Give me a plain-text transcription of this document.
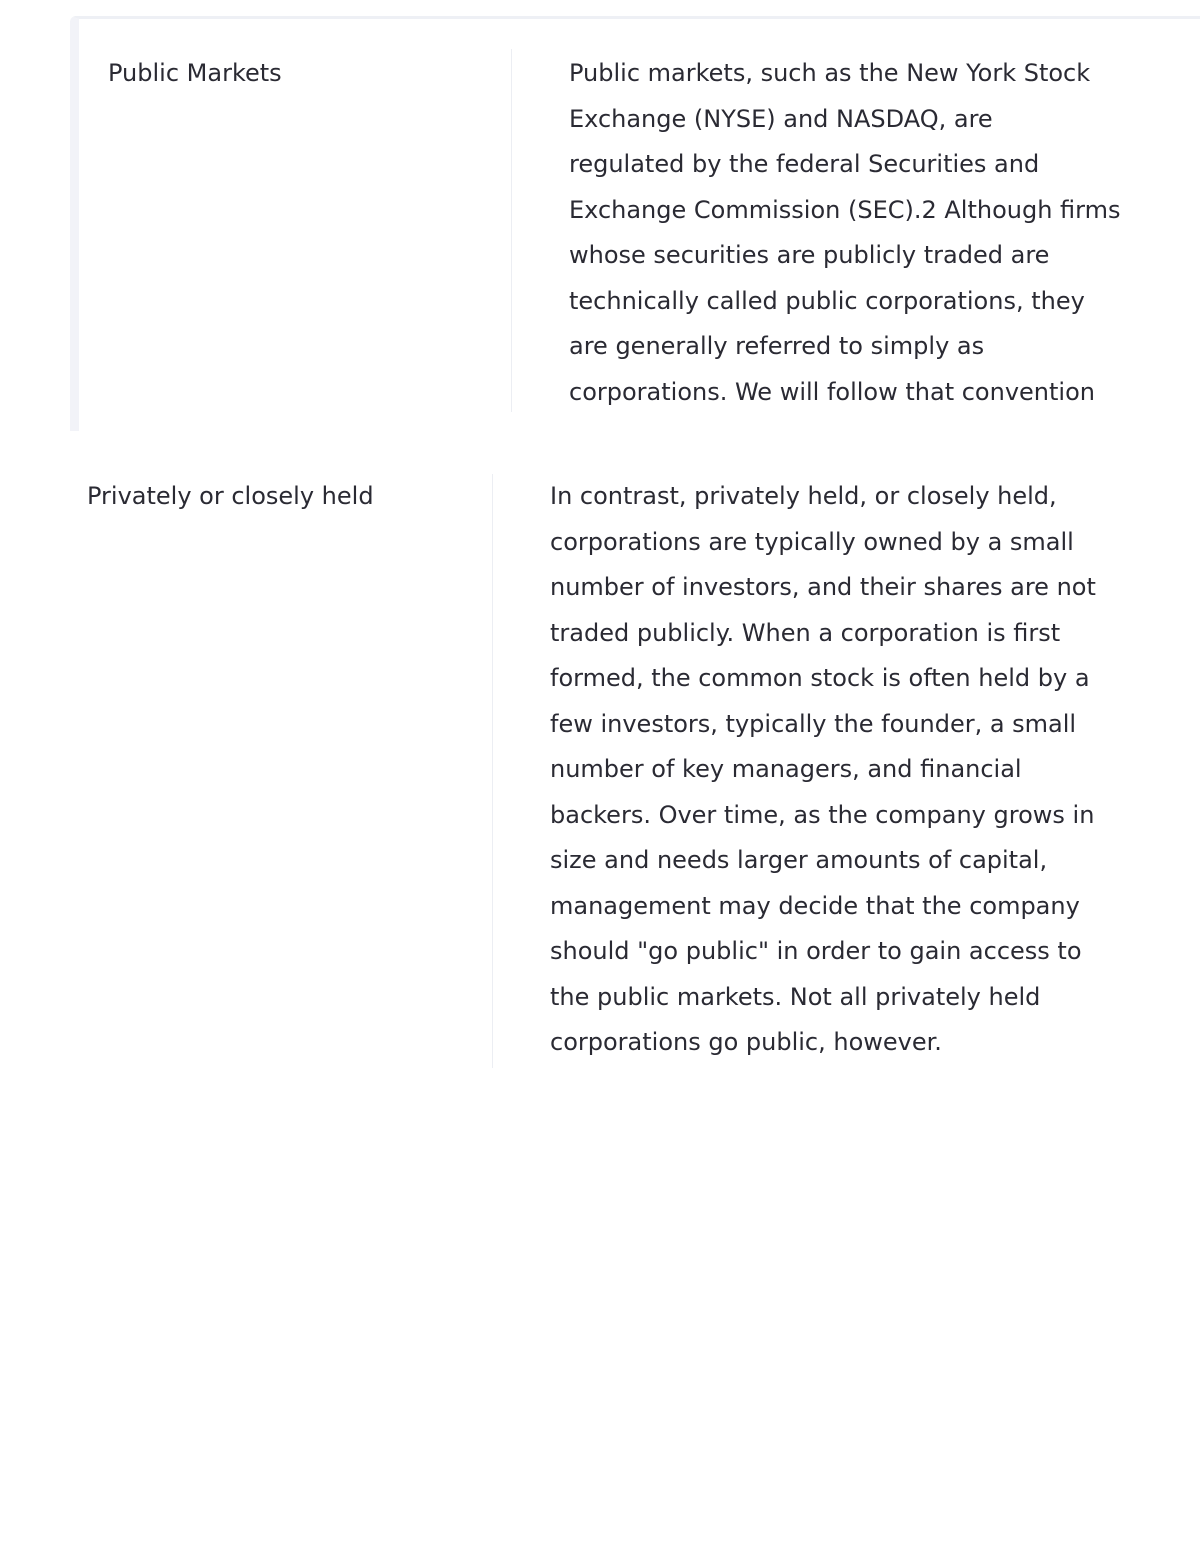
Public Markets	Public markets, such as the New York Stock
Exchange (NYSE) and NASDAQ, are
regulated by the federal Securities and
Exchange Commission (SEC).2 Although firms
whose securities are publicly traded are
technically called public corporations, they
are generally referred to simply as
corporations. We will follow that convention

Privately or closely held	In contrast, privately held, or closely held,
corporations are typically owned by a small
number of investors, and their shares are not
traded publicly. When a corporation is first
formed, the common stock is often held by a
few investors, typically the founder, a small
number of key managers, and financial
backers. Over time, as the company grows in
size and needs larger amounts of capital,
management may decide that the company
should "go public" in order to gain access to
the public markets. Not all privately held
corporations go public, however.
